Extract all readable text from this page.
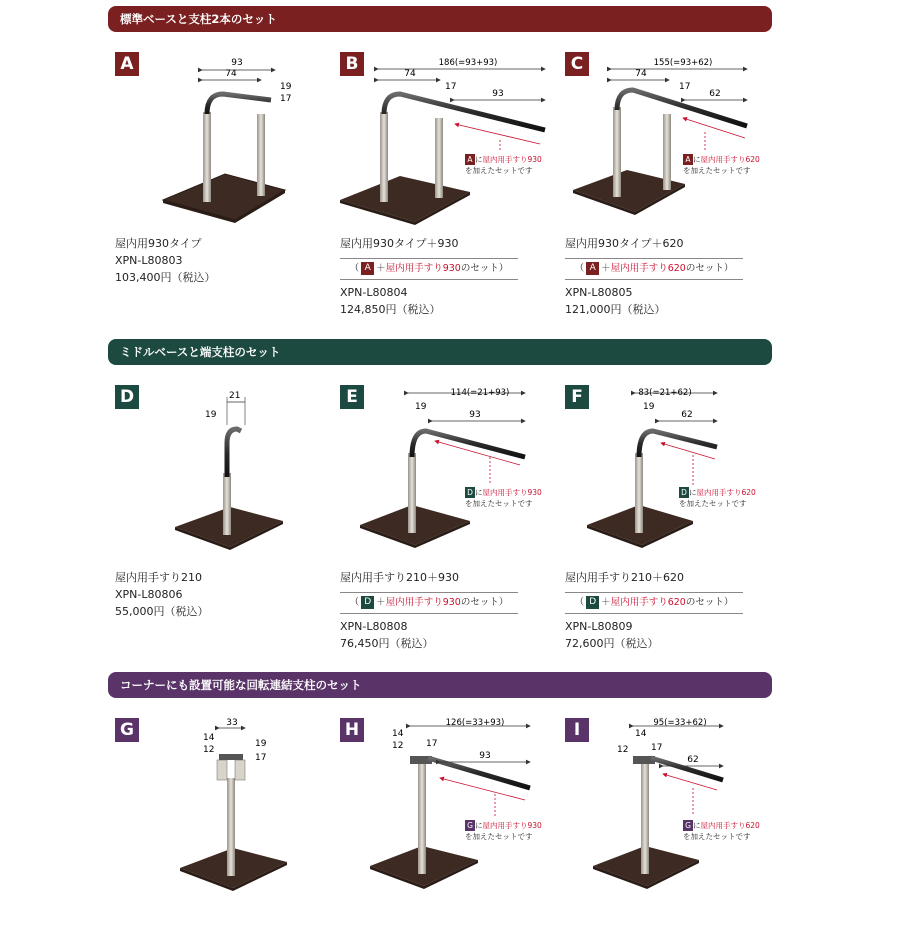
標準ベースと支柱2本のセット
ミドルベースと端支柱のセット
コーナーにも設置可能な回転連結支柱のセット
93
74
19
17
A
屋内用930タイプ
XPN-L80803
103,400円（税込）
186(=93+93)
74
17
93
B
A に屋内用手すり930
を加えたセットです
屋内用930タイプ＋930
（ A ＋屋内用手すり930のセット）
XPN-L80804
124,850円（税込）
155(=93+62)
74
17
62
C
A に屋内用手すり620
を加えたセットです
屋内用930タイプ＋620
（ A ＋屋内用手すり620のセット）
XPN-L80805
121,000円（税込）
21
19
D
屋内用手すり210
XPN-L80806
55,000円（税込）
114(=21+93)
19
93
E
D に屋内用手すり930
を加えたセットです
屋内用手すり210＋930
（ D ＋屋内用手すり930のセット）
XPN-L80808
76,450円（税込）
83(=21+62)
19
62
F
D に屋内用手すり620
を加えたセットです
屋内用手すり210＋620
（ D ＋屋内用手すり620のセット）
XPN-L80809
72,600円（税込）
33
14
12
19
17
G	126(=33+93)
14
12	17
93
H
G に屋内用手すり930
を加えたセットです
95(=33+62)
14
12	17
62
I
G に屋内用手すり620
を加えたセットです
